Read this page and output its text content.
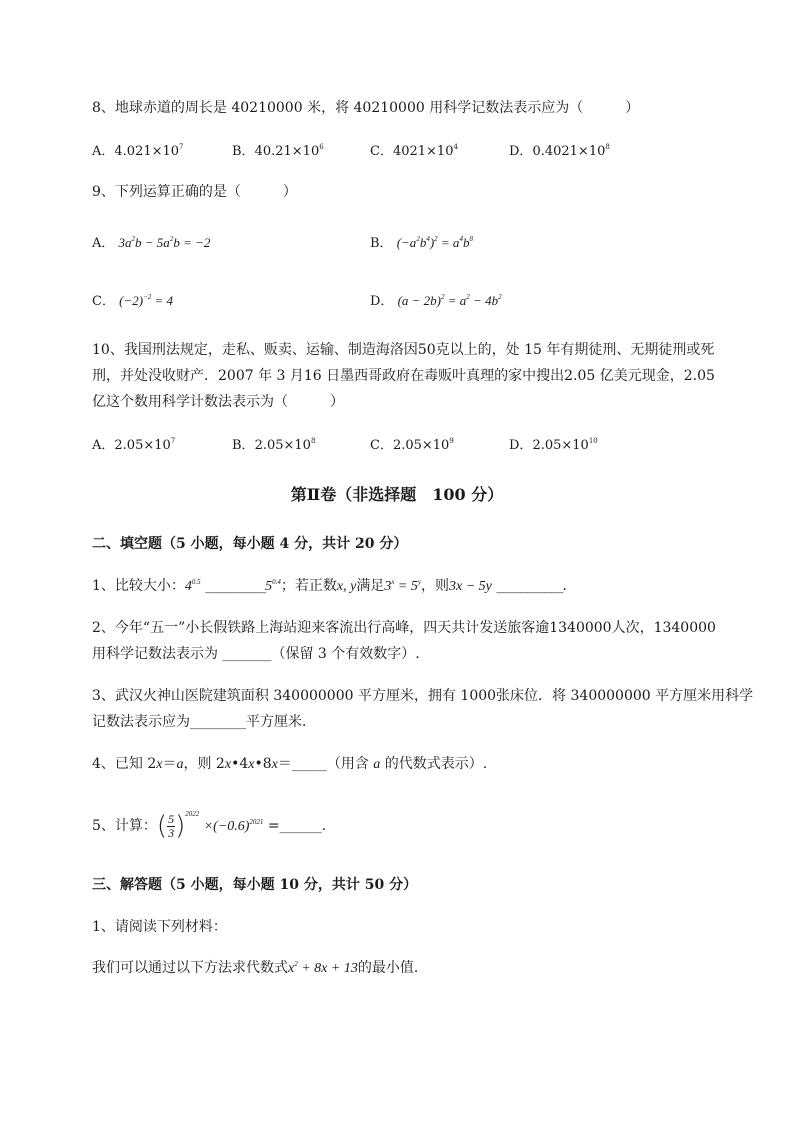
8、地球赤道的周长是 40210000 米，将 40210000 用科学记数法表示应为（　　　）
A．$4.021\times 10^7$	B．$40.21\times 10^6$	C．$4021\times 10^4$	D．$0.4021\times 10^8$
9、下列运算正确的是（　　　）
A． $3a^2b - 5a^2b = -2$	B． $(-a^2b^4)^2 = a^4b^8$
C． $(-2)^{-2} = 4$	D． $(a - 2b)^2 = a^2 - 4b^2$
10、我国刑法规定，走私、贩卖、运输、制造海洛因50克以上的，处 15 年有期徒刑、无期徒刑或死
刑，并处没收财产．2007 年 3 月16 日墨西哥政府在毒贩叶真理的家中搜出2.05 亿美元现金，2.05
亿这个数用科学计数法表示为（　　　）
A．$2.05\times 10^7$	B．$2.05\times 10^8$	C．$2.05\times 10^9$	D．$2.05\times 10^{10}$
第Ⅱ卷（非选择题　100 分）
二、填空题（5 小题，每小题 4 分，共计 20 分）
1、比较大小：$4^{0.5}$ $\_\_\_\_\_\_\_\_\_\_5^{0.4}$；若正数x, y满足$3^x = 5^y$，则3x − 5y ___________.
2、今年“五一”小长假铁路上海站迎来客流出行高峰，四天共计发送旅客逾1340000人次，1340000
用科学记数法表示为 _______（保留 3 个有效数字）.
3、武汉火神山医院建筑面积 340000000 平方厘米，拥有 1000张床位．将 340000000 平方厘米用科学
记数法表示应为________平方厘米．
4、已知 2x＝a，则 2x•4x•8x＝_____（用含 a 的代数式表示）.
5、计算：( $\frac{5}{3} )^{2022} \times(-0.6)^{2021}$ =______.
三、解答题（5 小题，每小题 10 分，共计 50 分）
1、请阅读下列材料：
我们可以通过以下方法求代数式$x^2 + 8x + 13$的最小值．
